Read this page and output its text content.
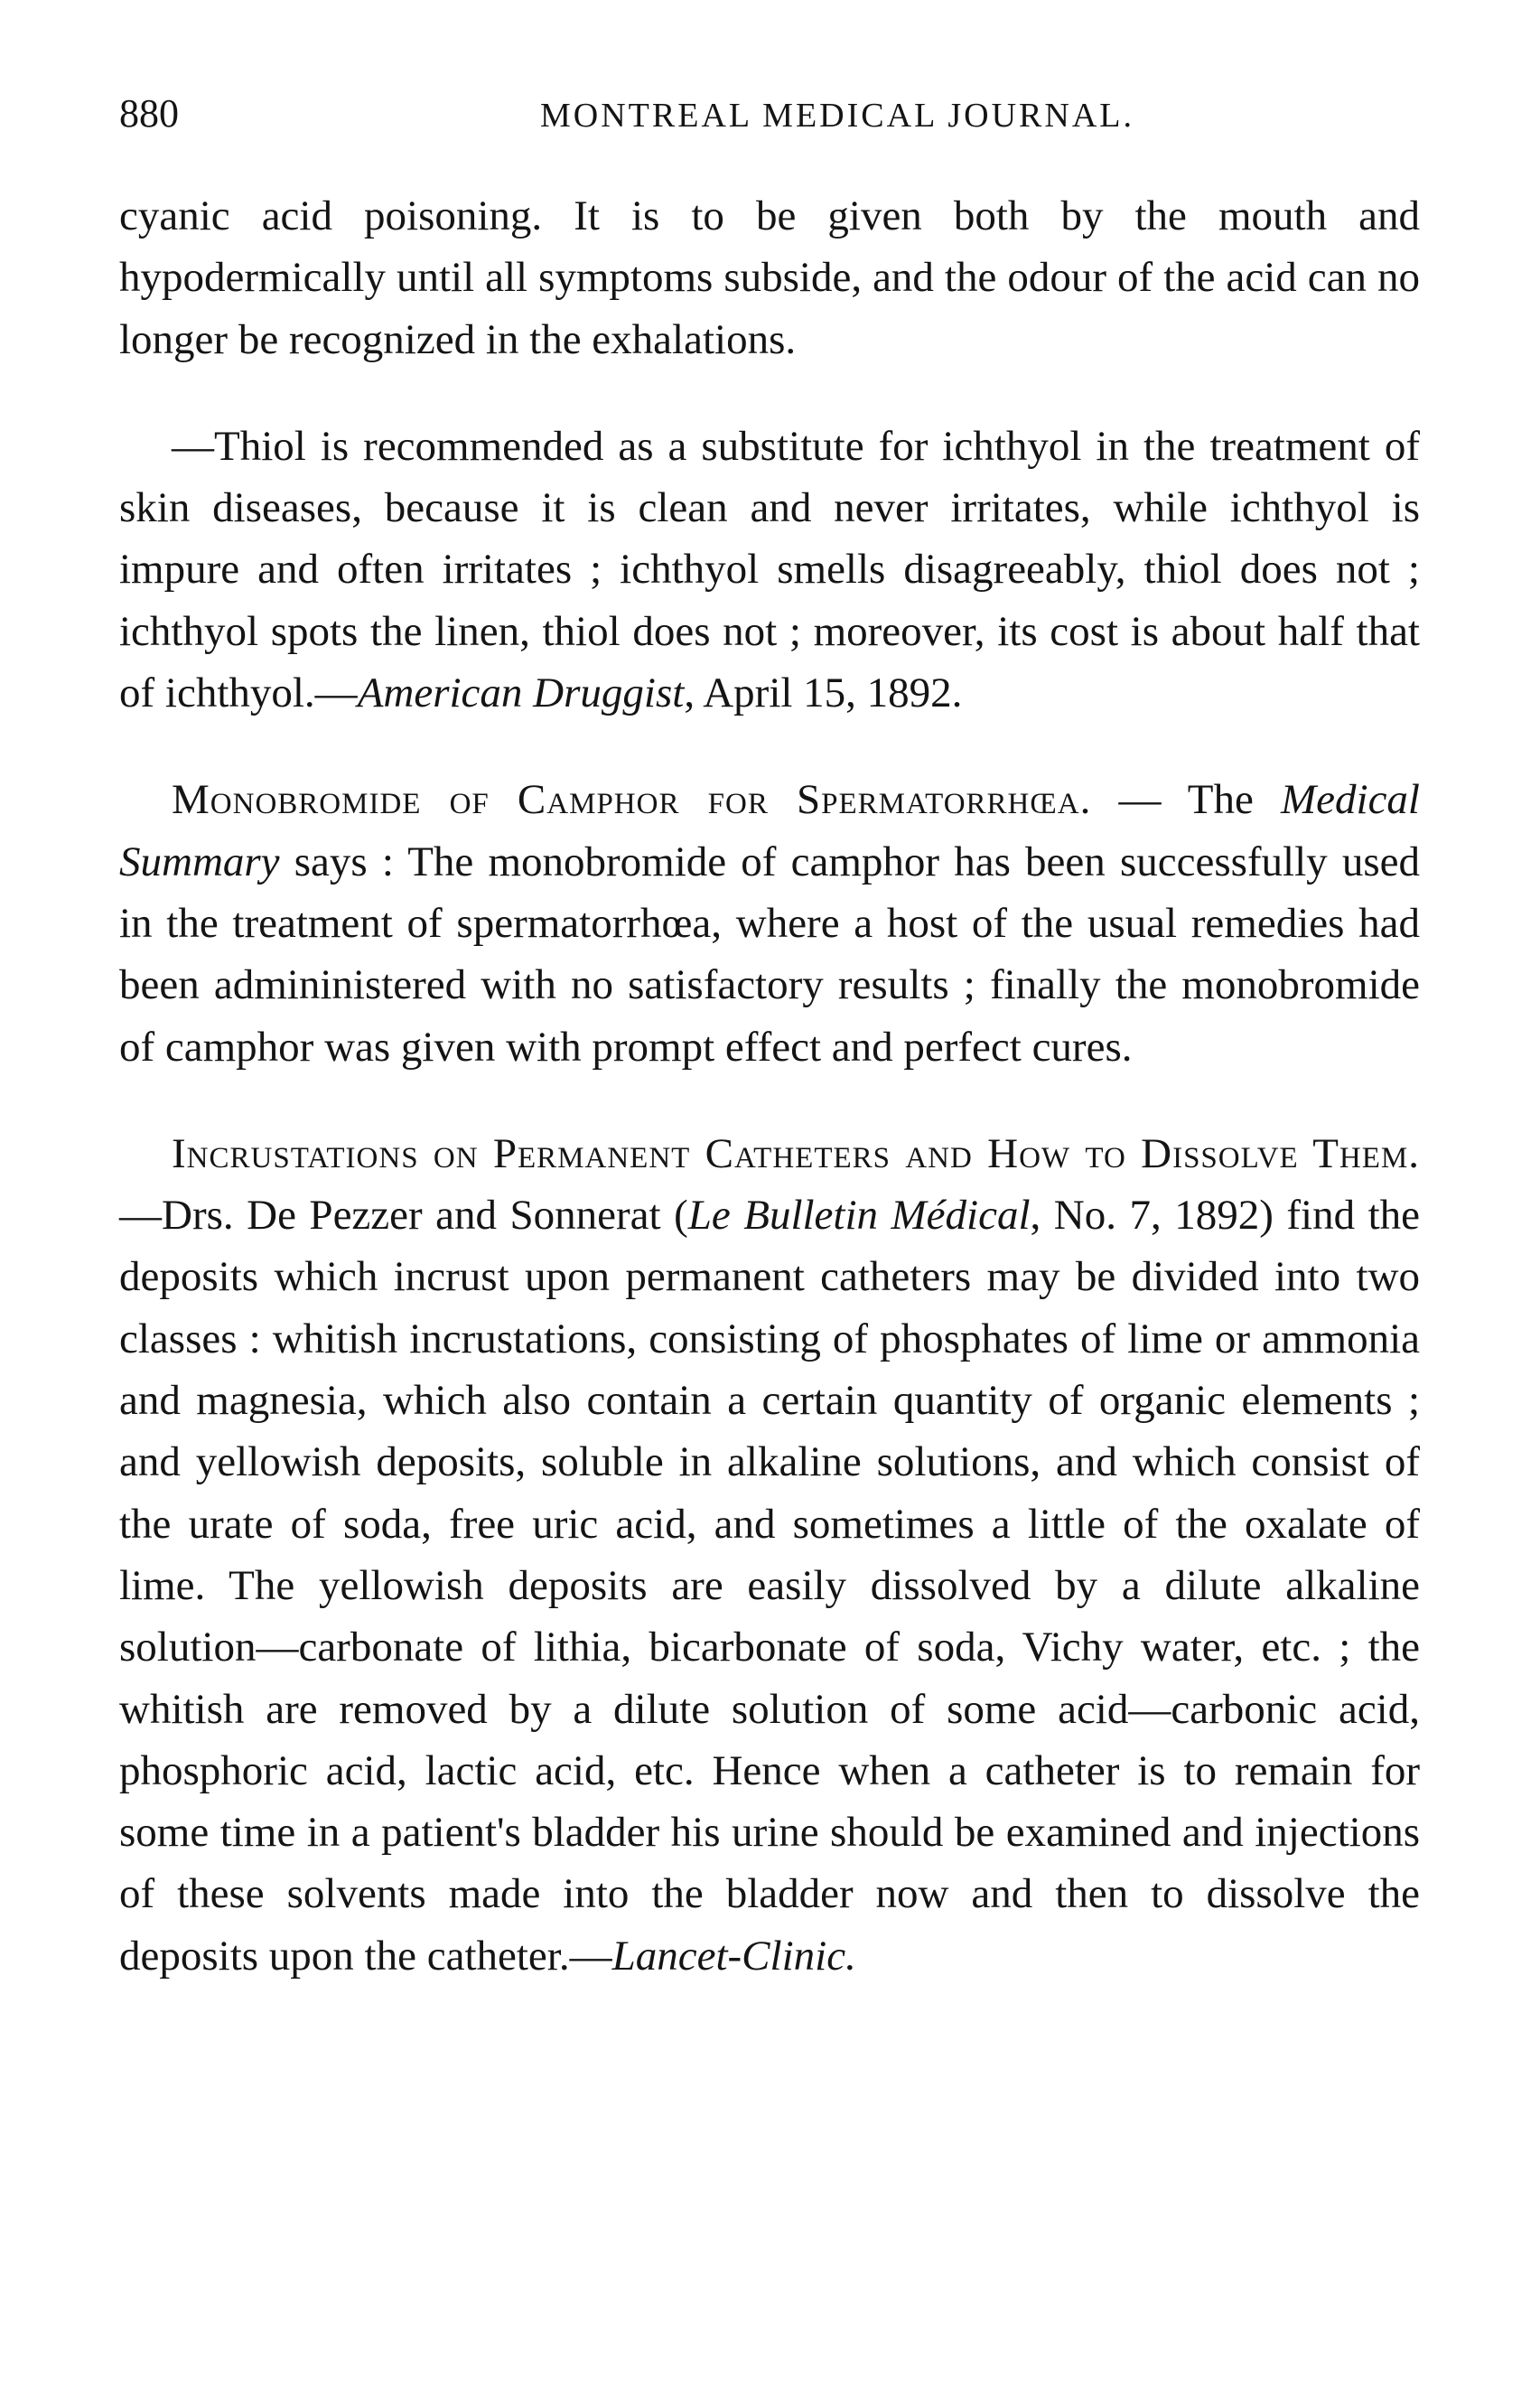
880	MONTREAL MEDICAL JOURNAL.

cyanic acid poisoning. It is to be given both by the mouth and hypodermically until all symptoms subside, and the odour of the acid can no longer be recognized in the exhalations.

—Thiol is recommended as a substitute for ichthyol in the treatment of skin diseases, because it is clean and never irritates, while ichthyol is impure and often irritates ; ichthyol smells disagreeably, thiol does not ; ichthyol spots the linen, thiol does not ; moreover, its cost is about half that of ichthyol.—American Druggist, April 15, 1892.

Monobromide of Camphor for Spermatorrhœa. — The Medical Summary says : The monobromide of camphor has been successfully used in the treatment of spermatorrhœa, where a host of the usual remedies had been admininistered with no satisfactory results ; finally the monobromide of camphor was given with prompt effect and perfect cures.

Incrustations on Permanent Catheters and How to Dissolve Them.—Drs. De Pezzer and Sonnerat (Le Bulletin Médical, No. 7, 1892) find the deposits which incrust upon permanent catheters may be divided into two classes : whitish incrustations, consisting of phosphates of lime or ammonia and magnesia, which also contain a certain quantity of organic elements ; and yellowish deposits, soluble in alkaline solutions, and which consist of the urate of soda, free uric acid, and sometimes a little of the oxalate of lime. The yellowish deposits are easily dissolved by a dilute alkaline solution—carbonate of lithia, bicarbonate of soda, Vichy water, etc. ; the whitish are removed by a dilute solution of some acid—carbonic acid, phosphoric acid, lactic acid, etc. Hence when a catheter is to remain for some time in a patient's bladder his urine should be examined and injections of these solvents made into the bladder now and then to dissolve the deposits upon the catheter.—Lancet-Clinic.
